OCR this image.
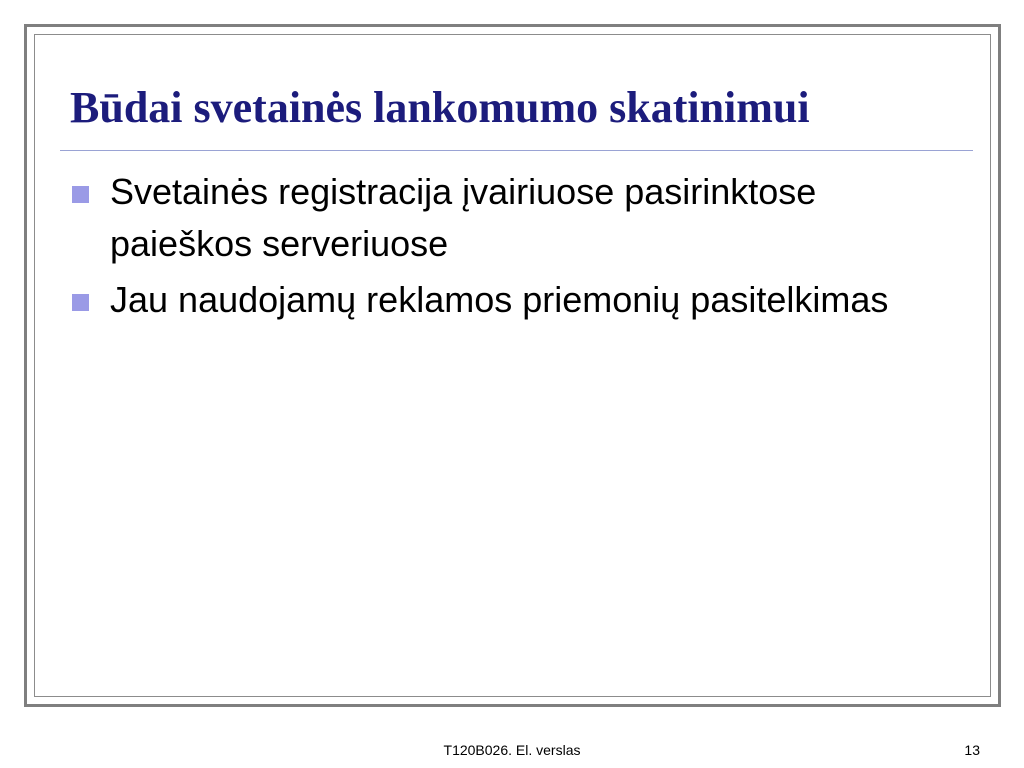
Būdai svetainės lankomumo skatinimui
Svetainės registracija įvairiuose pasirinktose paieškos serveriuose
Jau naudojamų reklamos priemonių pasitelkimas
T120B026. El. verslas	13
